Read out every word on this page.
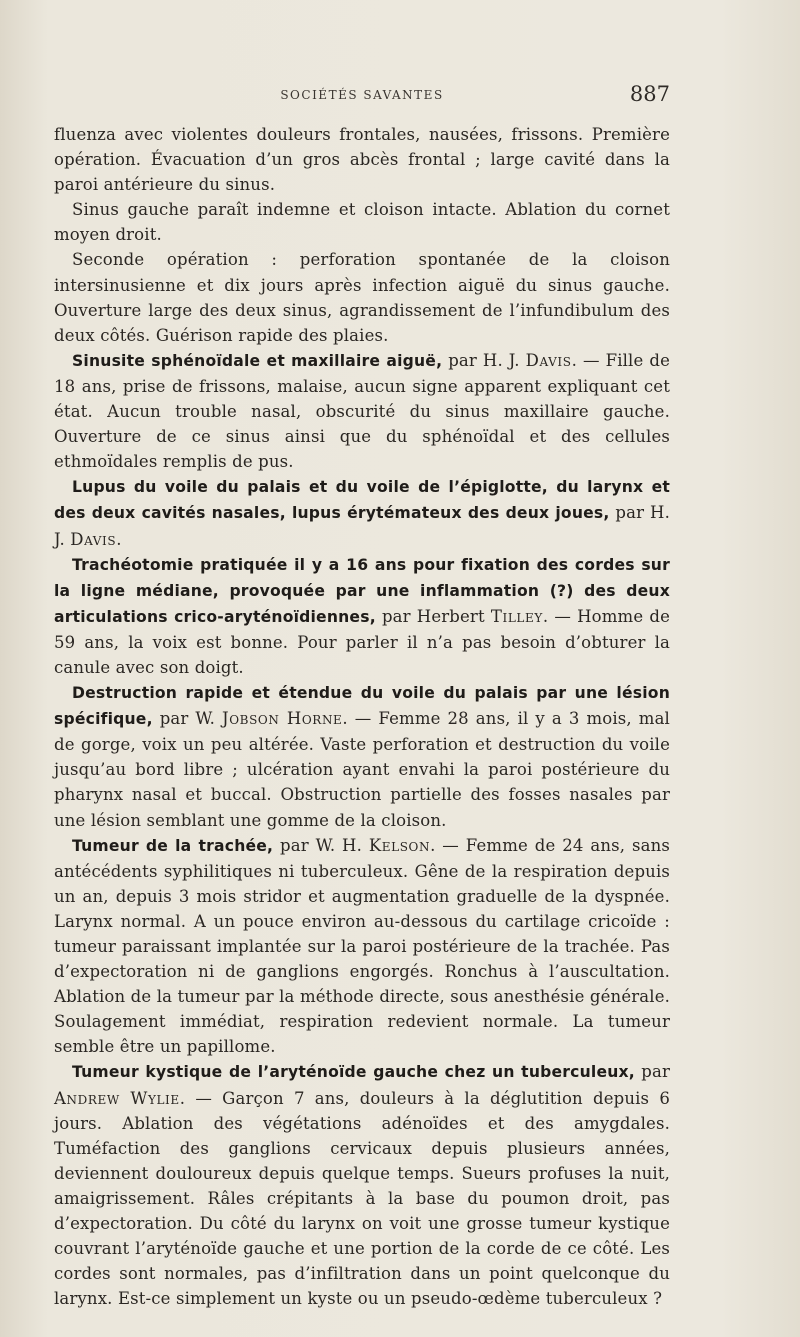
SOCIÉTÉS SAVANTES	887

fluenza avec violentes douleurs frontales, nausées, frissons. Première opération. Évacuation d’un gros abcès frontal ; large cavité dans la paroi antérieure du sinus.

Sinus gauche paraît indemne et cloison intacte. Ablation du cornet moyen droit.

Seconde opération : perforation spontanée de la cloison intersinusienne et dix jours après infection aiguë du sinus gauche. Ouverture large des deux sinus, agrandissement de l’infundibulum des deux côtés. Guérison rapide des plaies.

Sinusite sphénoïdale et maxillaire aiguë, par H. J. Davis. — Fille de 18 ans, prise de frissons, malaise, aucun signe apparent expliquant cet état. Aucun trouble nasal, obscurité du sinus maxillaire gauche. Ouverture de ce sinus ainsi que du sphénoïdal et des cellules ethmoïdales remplis de pus.

Lupus du voile du palais et du voile de l’épiglotte, du larynx et des deux cavités nasales, lupus érytémateux des deux joues, par H. J. Davis.

Trachéotomie pratiquée il y a 16 ans pour fixation des cordes sur la ligne médiane, provoquée par une inflammation (?) des deux articulations crico-aryténoïdiennes, par Herbert Tilley. — Homme de 59 ans, la voix est bonne. Pour parler il n’a pas besoin d’obturer la canule avec son doigt.

Destruction rapide et étendue du voile du palais par une lésion spécifique, par W. Jobson Horne. — Femme 28 ans, il y a 3 mois, mal de gorge, voix un peu altérée. Vaste perforation et destruction du voile jusqu’au bord libre ; ulcération ayant envahi la paroi postérieure du pharynx nasal et buccal. Obstruction partielle des fosses nasales par une lésion semblant une gomme de la cloison.

Tumeur de la trachée, par W. H. Kelson. — Femme de 24 ans, sans antécédents syphilitiques ni tuberculeux. Gêne de la respiration depuis un an, depuis 3 mois stridor et augmentation graduelle de la dyspnée. Larynx normal. A un pouce environ au-dessous du cartilage cricoïde : tumeur paraissant implantée sur la paroi postérieure de la trachée. Pas d’expectoration ni de ganglions engorgés. Ronchus à l’auscultation. Ablation de la tumeur par la méthode directe, sous anesthésie générale. Soulagement immédiat, respiration redevient normale. La tumeur semble être un papillome.

Tumeur kystique de l’aryténoïde gauche chez un tuberculeux, par Andrew Wylie. — Garçon 7 ans, douleurs à la déglutition depuis 6 jours. Ablation des végétations adénoïdes et des amygdales. Tuméfaction des ganglions cervicaux depuis plusieurs années, deviennent douloureux depuis quelque temps. Sueurs profuses la nuit, amaigrissement. Râles crépitants à la base du poumon droit, pas d’expectoration. Du côté du larynx on voit une grosse tumeur kystique couvrant l’aryténoïde gauche et une portion de la corde de ce côté. Les cordes sont normales, pas d’infiltration dans un point quelconque du larynx. Est-ce simplement un kyste ou un pseudo-œdème tuberculeux ?
